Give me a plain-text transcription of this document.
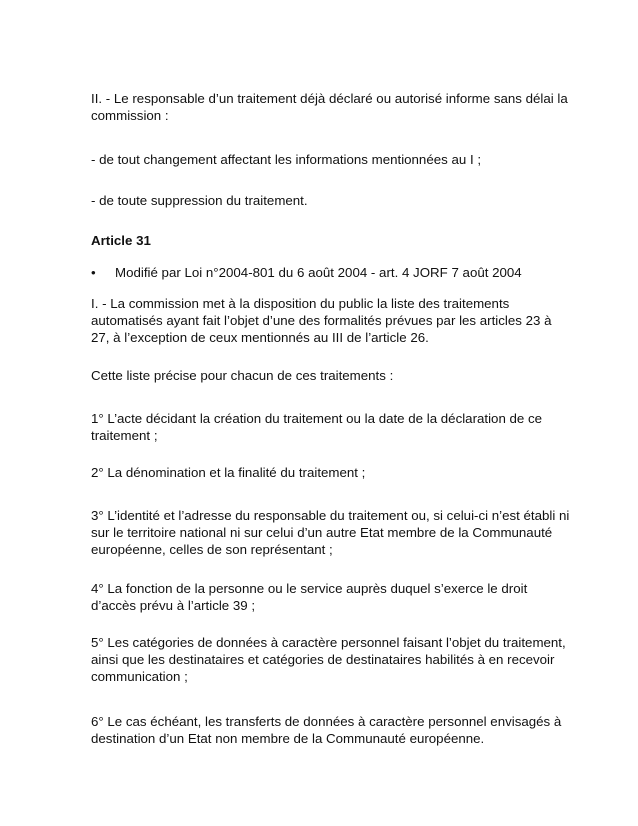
II. - Le responsable d’un traitement déjà déclaré ou autorisé informe sans délai la
commission :

- de tout changement affectant les informations mentionnées au I ;

- de toute suppression du traitement.

Article 31

• Modifié par Loi n°2004-801 du 6 août 2004 - art. 4 JORF 7 août 2004

I. - La commission met à la disposition du public la liste des traitements
automatisés ayant fait l’objet d’une des formalités prévues par les articles 23 à
27, à l’exception de ceux mentionnés au III de l’article 26.

Cette liste précise pour chacun de ces traitements :

1° L’acte décidant la création du traitement ou la date de la déclaration de ce
traitement ;

2° La dénomination et la finalité du traitement ;

3° L’identité et l’adresse du responsable du traitement ou, si celui-ci n’est établi ni
sur le territoire national ni sur celui d’un autre Etat membre de la Communauté
européenne, celles de son représentant ;

4° La fonction de la personne ou le service auprès duquel s’exerce le droit
d’accès prévu à l’article 39 ;

5° Les catégories de données à caractère personnel faisant l’objet du traitement,
ainsi que les destinataires et catégories de destinataires habilités à en recevoir
communication ;

6° Le cas échéant, les transferts de données à caractère personnel envisagés à
destination d’un Etat non membre de la Communauté européenne.
